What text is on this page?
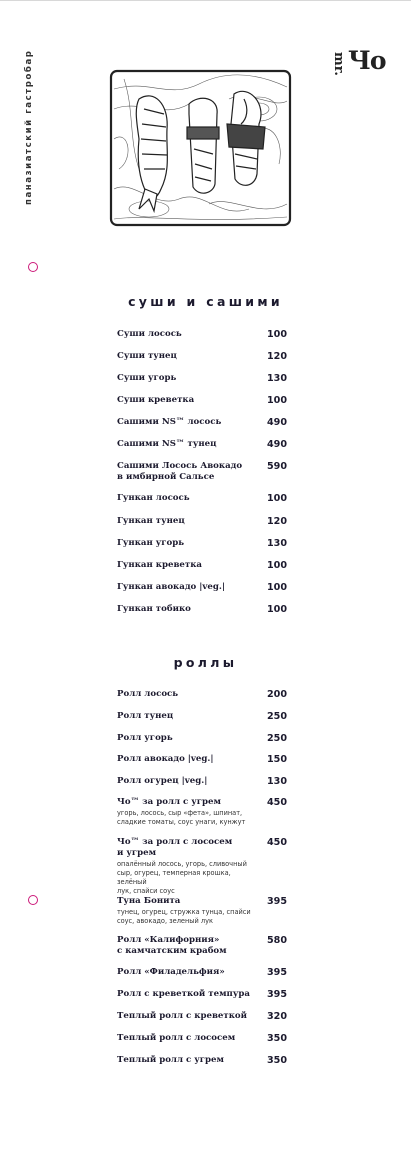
паназиатский гастробар	mr. Чо
суши и сашими
Суши лосось	100
Суши тунец	120
Суши угорь	130
Суши креветка	100
Сашими NS™ лосось	490
Сашими NS™ тунец	490
Сашими Лосось Авокадо
в имбирной Сальсе
590
Гункан лосось	100
Гункан тунец	120
Гункан угорь	130
Гункан креветка	100
Гункан авокадо |veg.|	100
Гункан тобико	100
роллы
Ролл лосось	200
Ролл тунец	250
Ролл угорь	250
Ролл авокадо |veg.|	150
Ролл огурец |veg.|	130
Чо™ за ролл с угрем
угорь, лосось, сыр «фета», шпинат,
сладкие томаты, соус унаги, кунжут
450
Чо™ за ролл с лососем
и угрем
опалённый лосось, угорь, сливочный
сыр, огурец, темперная крошка, зелёный
лук, спайси соус
450
Туна Бонита
тунец, огурец, стружка тунца, спайси
соус, авокадо, зеленый лук
395
Ролл «Калифорния»
с камчатским крабом
580
Ролл «Филадельфия»	395
Ролл с креветкой темпура	395
Теплый ролл с креветкой	320
Теплый ролл с лососем	350
Теплый ролл с угрем	350
